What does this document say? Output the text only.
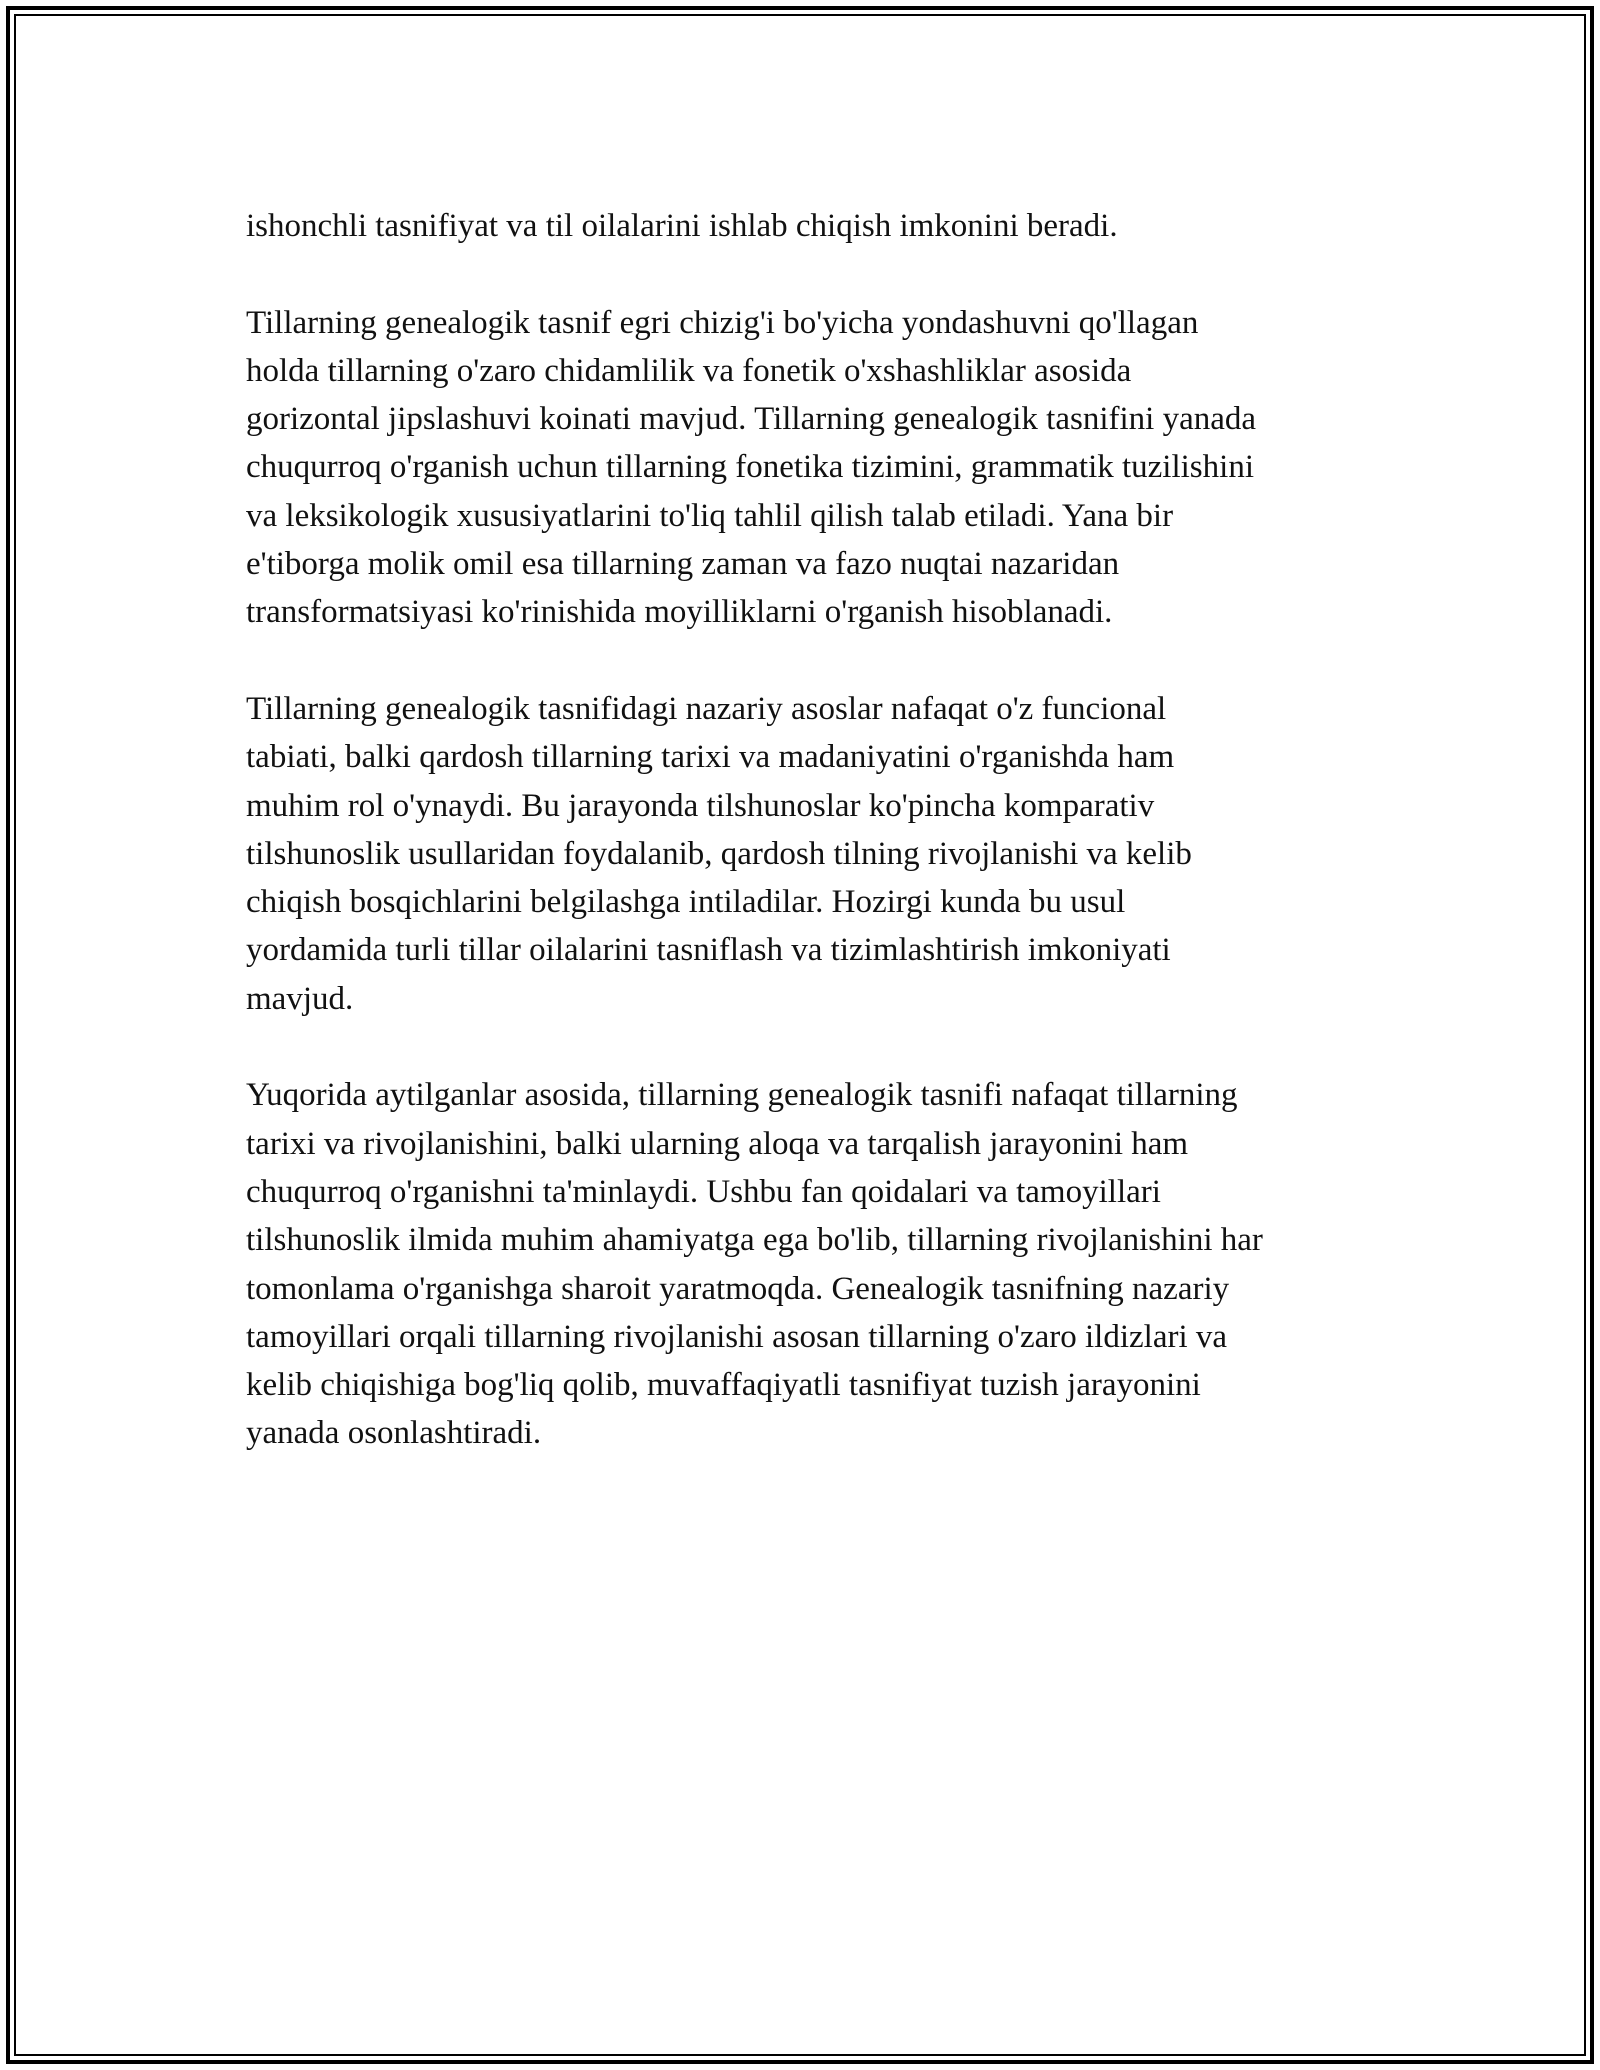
ishonchli tasnifiyat va til oilalarini ishlab chiqish imkonini beradi.
Tillarning genealogik tasnif egri chizig'i bo'yicha yondashuvni qo'llagan
holda tillarning o'zaro chidamlilik va fonetik o'xshashliklar asosida
gorizontal jipslashuvi koinati mavjud. Tillarning genealogik tasnifini yanada
chuqurroq o'rganish uchun tillarning fonetika tizimini, grammatik tuzilishini
va leksikologik xususiyatlarini to'liq tahlil qilish talab etiladi. Yana bir
e'tiborga molik omil esa tillarning zaman va fazo nuqtai nazaridan
transformatsiyasi ko'rinishida moyilliklarni o'rganish hisoblanadi.
Tillarning genealogik tasnifidagi nazariy asoslar nafaqat o'z funcional
tabiati, balki qardosh tillarning tarixi va madaniyatini o'rganishda ham
muhim rol o'ynaydi. Bu jarayonda tilshunoslar ko'pincha komparativ
tilshunoslik usullaridan foydalanib, qardosh tilning rivojlanishi va kelib
chiqish bosqichlarini belgilashga intiladilar. Hozirgi kunda bu usul
yordamida turli tillar oilalarini tasniflash va tizimlashtirish imkoniyati
mavjud.
Yuqorida aytilganlar asosida, tillarning genealogik tasnifi nafaqat tillarning
tarixi va rivojlanishini, balki ularning aloqa va tarqalish jarayonini ham
chuqurroq o'rganishni ta'minlaydi. Ushbu fan qoidalari va tamoyillari
tilshunoslik ilmida muhim ahamiyatga ega bo'lib, tillarning rivojlanishini har
tomonlama o'rganishga sharoit yaratmoqda. Genealogik tasnifning nazariy
tamoyillari orqali tillarning rivojlanishi asosan tillarning o'zaro ildizlari va
kelib chiqishiga bog'liq qolib, muvaffaqiyatli tasnifiyat tuzish jarayonini
yanada osonlashtiradi.
